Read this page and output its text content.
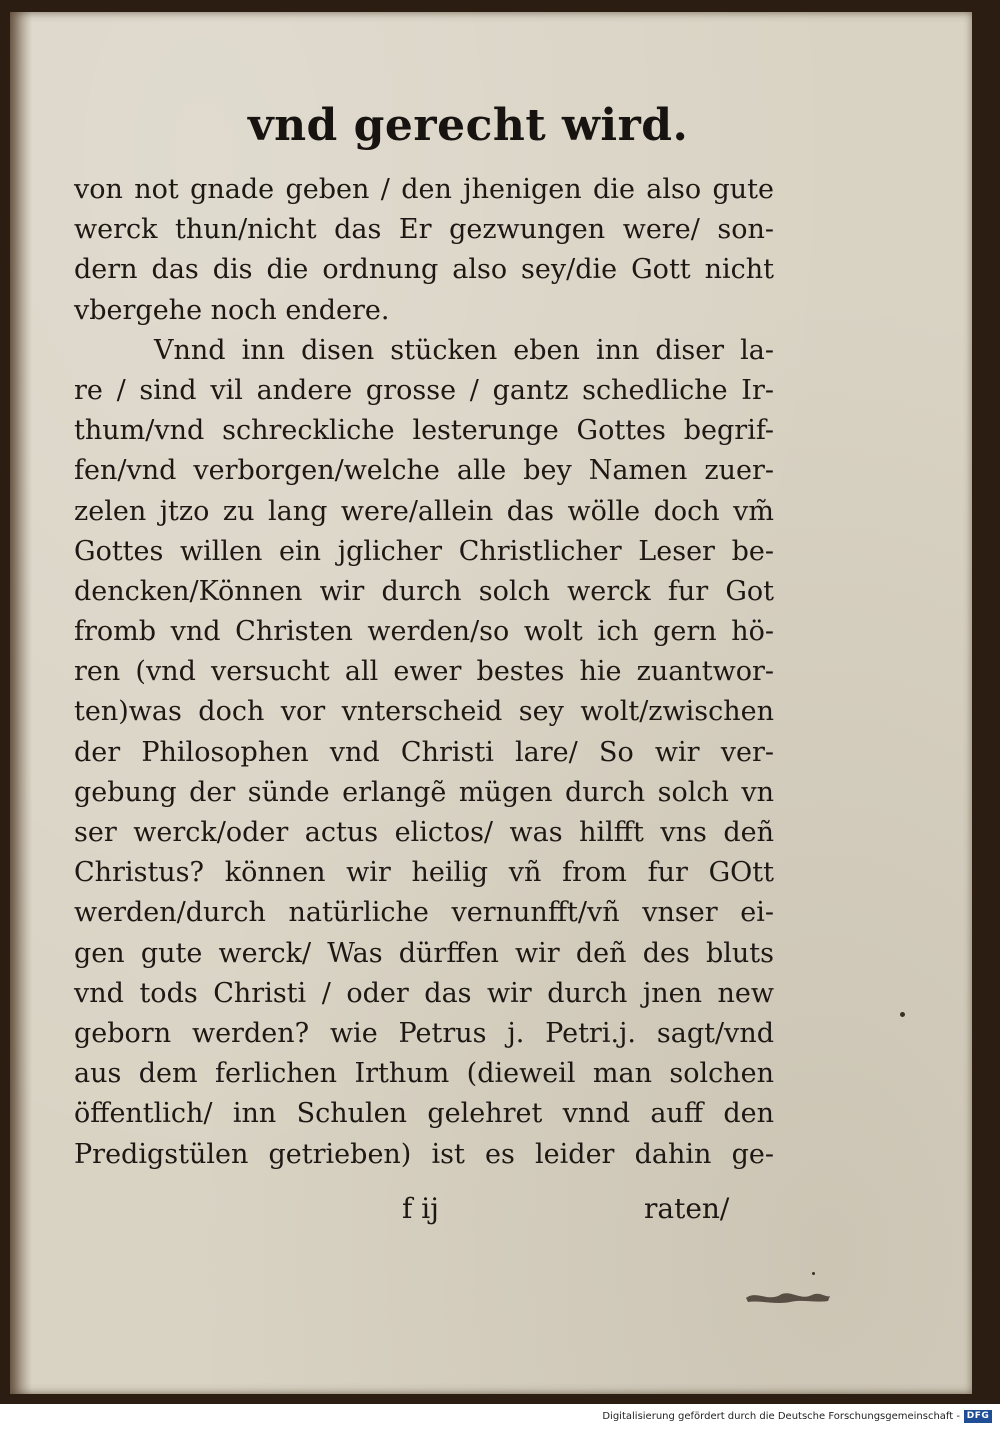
vnd gerecht wird.
von not gnade geben / den jhenigen die also gute
werck thun/nicht das Er gezwungen were/ son-
dern das dis die ordnung also sey/die Gott nicht
vbergehe noch endere.
Vnnd inn disen stücken eben inn diser la-
re / sind vil andere grosse / gantz schedliche Ir-
thum/vnd schreckliche lesterunge Gottes begrif-
fen/vnd verborgen/welche alle bey Namen zuer-
zelen jtzo zu lang were/allein das wölle doch vm̃
Gottes willen ein jglicher Christlicher Leser be-
dencken/Können wir durch solch werck fur Got
fromb vnd Christen werden/so wolt ich gern hö-
ren (vnd versucht all ewer bestes hie zuantwor-
ten)was doch vor vnterscheid sey wolt/zwischen
der Philosophen vnd Christi lare/ So wir ver-
gebung der sünde erlangẽ mügen durch solch vn
ser werck/oder actus elictos/ was hilfft vns deñ
Christus? können wir heilig vñ from fur GOtt
werden/durch natürliche vernunfft/vñ vnser ei-
gen gute werck/ Was dürffen wir deñ des bluts
vnd tods Christi / oder das wir durch jnen new
geborn werden? wie Petrus j. Petri.j. sagt/vnd
aus dem ferlichen Irthum (dieweil man solchen
öffentlich/ inn Schulen gelehret vnnd auff den
Predigstülen getrieben) ist es leider dahin ge-
f ij	raten/
Digitalisierung gefördert durch die Deutsche Forschungsgemeinschaft - DFG
